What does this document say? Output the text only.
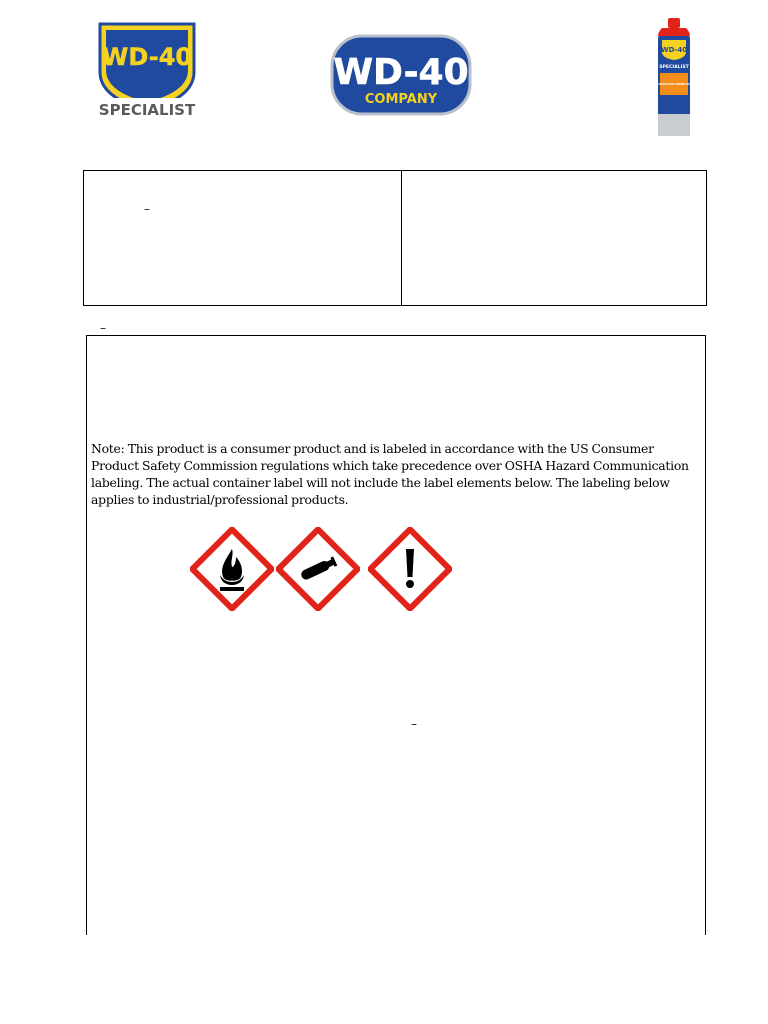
WD-40
SPECIALIST
WD-40
COMPANY
WD-40
SPECIALIST
CORROSION INHIBITOR
–
–
Note: This product is a consumer product and is labeled in accordance with the US Consumer Product Safety Commission regulations which take precedence over OSHA Hazard Communication labeling. The actual container label will not include the label elements below. The labeling below applies to industrial/professional products.
–
